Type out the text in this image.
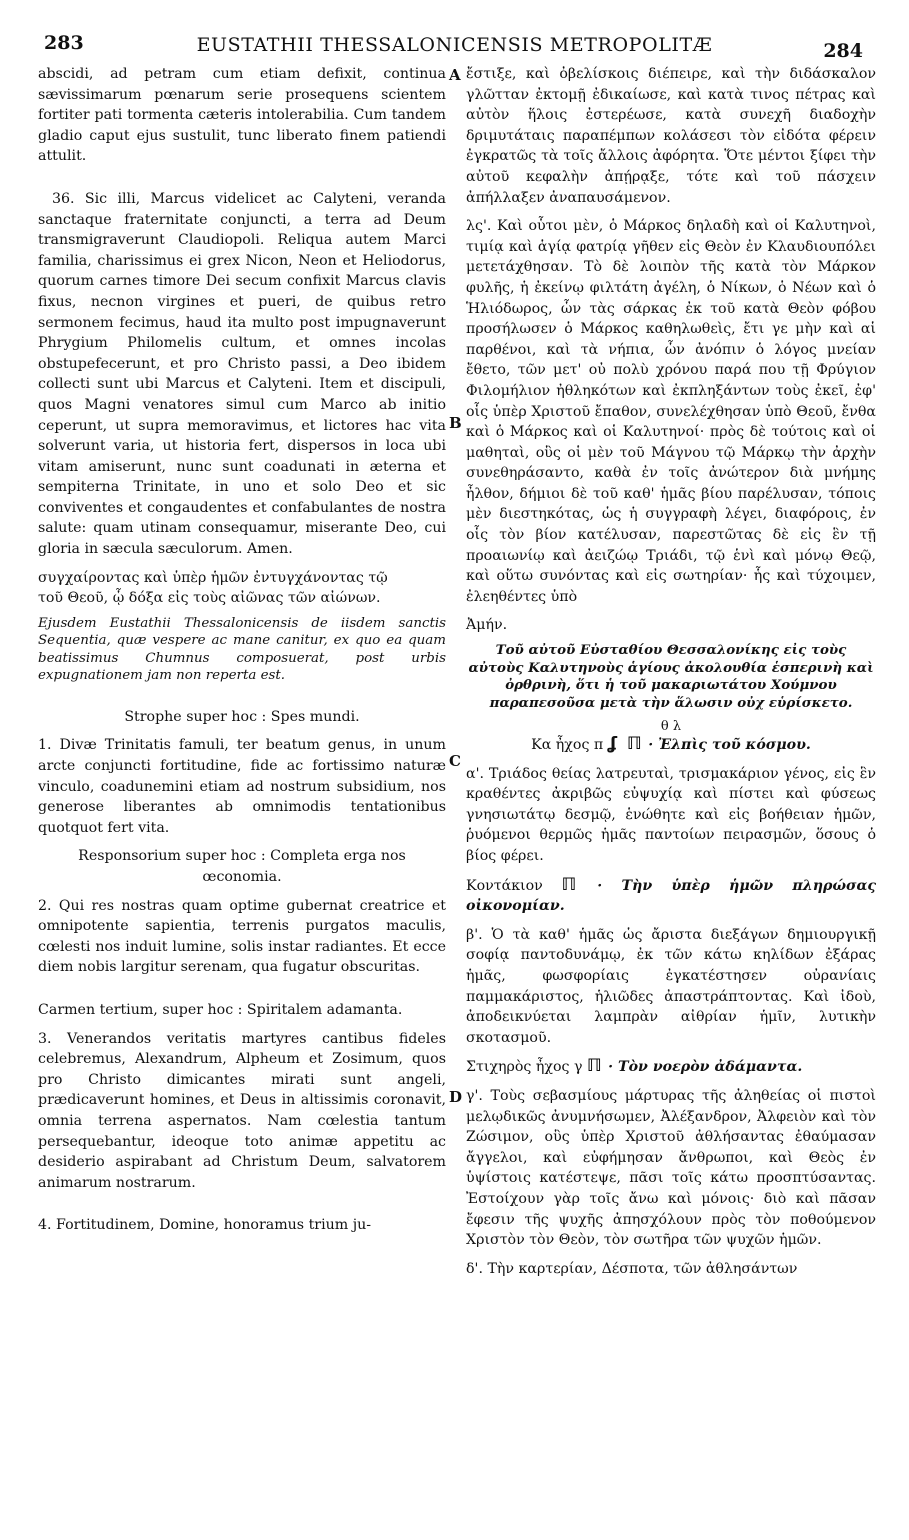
283	EUSTATHII THESSALONICENSIS METROPOLITÆ	284
A
B
C
D

abscidi, ad petram cum etiam defixit, continua sævissimarum pœnarum serie prosequens scientem fortiter pati tormenta cæteris intolerabilia. Cum tandem gladio caput ejus sustulit, tunc liberato finem patiendi attulit.

36. Sic illi, Marcus videlicet ac Calyteni, veranda sanctaque fraternitate conjuncti, a terra ad Deum transmigraverunt Claudiopoli. Reliqua autem Marci familia, charissimus ei grex Nicon, Neon et Heliodorus, quorum carnes timore Dei secum confixit Marcus clavis fixus, necnon virgines et pueri, de quibus retro sermonem fecimus, haud ita multo post impugnaverunt Phrygium Philomelis cultum, et omnes incolas obstupefecerunt, et pro Christo passi, a Deo ibidem collecti sunt ubi Marcus et Calyteni. Item et discipuli, quos Magni venatores simul cum Marco ab initio ceperunt, ut supra memoravimus, et lictores hac vita solverunt varia, ut historia fert, dispersos in loca ubi vitam amiserunt, nunc sunt coadunati in æterna et sempiterna Trinitate, in uno et solo Deo et sic conviventes et congaudentes et confabulantes de nostra salute: quam utinam consequamur, miserante Deo, cui gloria in sæcula sæculorum. Amen.

συγχαίροντας καὶ ὑπὲρ ἡμῶν ἐντυγχάνοντας τῷ

τοῦ Θεοῦ, ᾧ δόξα εἰς τοὺς αἰῶνας τῶν αἰώνων.

Ejusdem Eustathii Thessalonicensis de iisdem sanctis Sequentia, quæ vespere ac mane canitur, ex quo ea quam beatissimus Chumnus composuerat, post urbis expugnationem jam non reperta est.

Strophe super hoc : Spes mundi.

1. Divæ Trinitatis famuli, ter beatum genus, in unum arcte conjuncti fortitudine, fide ac fortissimo naturæ vinculo, coadunemini etiam ad nostrum subsidium, nos generose liberantes ab omnimodis tentationibus quotquot fert vita.

Responsorium super hoc : Completa erga nos œconomia.

2. Qui res nostras quam optime gubernat creatrice et omnipotente sapientia, terrenis purgatos maculis, cœlesti nos induit lumine, solis instar radiantes. Et ecce diem nobis largitur serenam, qua fugatur obscuritas.

Carmen tertium, super hoc : Spiritalem adamanta.

3. Venerandos veritatis martyres cantibus fideles celebremus, Alexandrum, Alpheum et Zosimum, quos pro Christo dimicantes mirati sunt angeli, prædicaverunt homines, et Deus in altissimis coronavit, omnia terrena aspernatos. Nam cœlestia tantum persequebantur, ideoque toto animæ appetitu ac desiderio aspirabant ad Christum Deum, salvatorem animarum nostrarum.

4. Fortitudinem, Domine, honoramus trium ju-

ἔστιξε, καὶ ὀβελίσκοις διέπειρε, καὶ τὴν διδάσκαλον γλῶτταν ἐκτομῇ ἐδικαίωσε, καὶ κατὰ τινος πέτρας καὶ αὐτὸν ἥλοις ἐστερέωσε, κατὰ συνεχῆ διαδοχὴν δριμυτάταις παραπέμπων κολάσεσι τὸν εἰδότα φέρειν ἐγκρατῶς τὰ τοῖς ἄλλοις ἀφόρητα. Ὅτε μέντοι ξίφει τὴν αὐτοῦ κεφαλὴν ἀπῄρᾳξε, τότε καὶ τοῦ πάσχειν ἀπήλλαξεν ἀναπαυσάμενον.

λς'. Καὶ οὗτοι μὲν, ὁ Μάρκος δηλαδὴ καὶ οἱ Καλυτηνοὶ, τιμίᾳ καὶ ἁγίᾳ φατρίᾳ γῆθεν εἰς Θεὸν ἐν Κλαυδιουπόλει μετετάχθησαν. Τὸ δὲ λοιπὸν τῆς κατὰ τὸν Μάρκον φυλῆς, ἡ ἐκείνῳ φιλτάτη ἀγέλη, ὁ Νίκων, ὁ Νέων καὶ ὁ Ἡλιόδωρος, ὧν τὰς σάρκας ἐκ τοῦ κατὰ Θεὸν φόβου προσήλωσεν ὁ Μάρκος καθηλωθεὶς, ἔτι γε μὴν καὶ αἱ παρθένοι, καὶ τὰ νήπια, ὧν ἀνόπιν ὁ λόγος μνείαν ἔθετο, τῶν μετ' οὐ πολὺ χρόνου παρά που τῇ Φρύγιον Φιλομήλιον ἠθληκότων καὶ ἐκπληξάντων τοὺς ἐκεῖ, ἐφ' οἷς ὑπὲρ Χριστοῦ ἔπαθον, συνελέχθησαν ὑπὸ Θεοῦ, ἔνθα καὶ ὁ Μάρκος καὶ οἱ Καλυτηνοί· πρὸς δὲ τούτοις καὶ οἱ μαθηταὶ, οὓς οἱ μὲν τοῦ Μάγνου τῷ Μάρκῳ τὴν ἀρχὴν συνεθηράσαντο, καθὰ ἐν τοῖς ἀνώτερον διὰ μνήμης ἦλθον, δήμιοι δὲ τοῦ καθ' ἡμᾶς βίου παρέλυσαν, τόποις μὲν διεστηκότας, ὡς ἡ συγγραφὴ λέγει, διαφόροις, ἐν οἷς τὸν βίον κατέλυσαν, παρεστῶτας δὲ εἰς ἓν τῇ προαιωνίῳ καὶ ἀειζώῳ Τριάδι, τῷ ἑνὶ καὶ μόνῳ Θεῷ, καὶ οὕτω συνόντας καὶ εἰς σωτηρίαν· ἧς καὶ τύχοιμεν, ἐλεηθέντες ὑπὸ

Ἀμήν.

Τοῦ αὐτοῦ Εὐσταθίου Θεσσαλονίκης εἰς τοὺς αὐτοὺς Καλυτηνοὺς ἁγίους ἀκολουθία ἑσπερινὴ καὶ ὀρθρινὴ, ὅτι ἡ τοῦ μακαριωτάτου Χούμνου παραπεσοῦσα μετὰ τὴν ἅλωσιν οὐχ εὑρίσκετο.

θ λ

Κα ἦχος π ʆ ℿ · Ἐλπὶς τοῦ κόσμου.

α'. Τριάδος θείας λατρευταὶ, τρισμακάριον γένος, εἰς ἓν κραθέντες ἀκριβῶς εὐψυχίᾳ καὶ πίστει καὶ φύσεως γνησιωτάτῳ δεσμῷ, ἑνώθητε καὶ εἰς βοήθειαν ἡμῶν, ῥυόμενοι θερμῶς ἡμᾶς παντοίων πειρασμῶν, ὅσους ὁ βίος φέρει.

Κοντάκιον ℿ · Τὴν ὑπὲρ ἡμῶν πληρώσας οἰκονομίαν.

β'. Ὁ τὰ καθ' ἡμᾶς ὡς ἄριστα διεξάγων δημιουργικῇ σοφίᾳ παντοδυνάμῳ, ἐκ τῶν κάτω κηλίδων ἐξάρας ἡμᾶς, φωσφορίαις ἐγκατέστησεν οὐρανίαις παμμακάριστος, ἡλιῶδες ἀπαστράπτοντας. Καὶ ἰδοὺ, ἀποδεικνύεται λαμπρὰν αἰθρίαν ἡμῖν, λυτικὴν σκοτασμοῦ.

Στιχηρὸς ἦχος γ ℿ · Τὸν νοερὸν ἀδάμαντα.

γ'. Τοὺς σεβασμίους μάρτυρας τῆς ἀληθείας οἱ πιστοὶ μελῳδικῶς ἀνυμνήσωμεν, Ἀλέξανδρον, Ἀλφειὸν καὶ τὸν Ζώσιμον, οὓς ὑπὲρ Χριστοῦ ἀθλήσαντας ἐθαύμασαν ἄγγελοι, καὶ εὐφήμησαν ἄνθρωποι, καὶ Θεὸς ἐν ὑψίστοις κατέστεψε, πᾶσι τοῖς κάτω προσπτύσαντας. Ἐστοίχουν γὰρ τοῖς ἄνω καὶ μόνοις· διὸ καὶ πᾶσαν ἔφεσιν τῆς ψυχῆς ἀπησχόλουν πρὸς τὸν ποθούμενον Χριστὸν τὸν Θεὸν, τὸν σωτῆρα τῶν ψυχῶν ἡμῶν.

δ'. Τὴν καρτερίαν, Δέσποτα, τῶν ἀθλησάντων
